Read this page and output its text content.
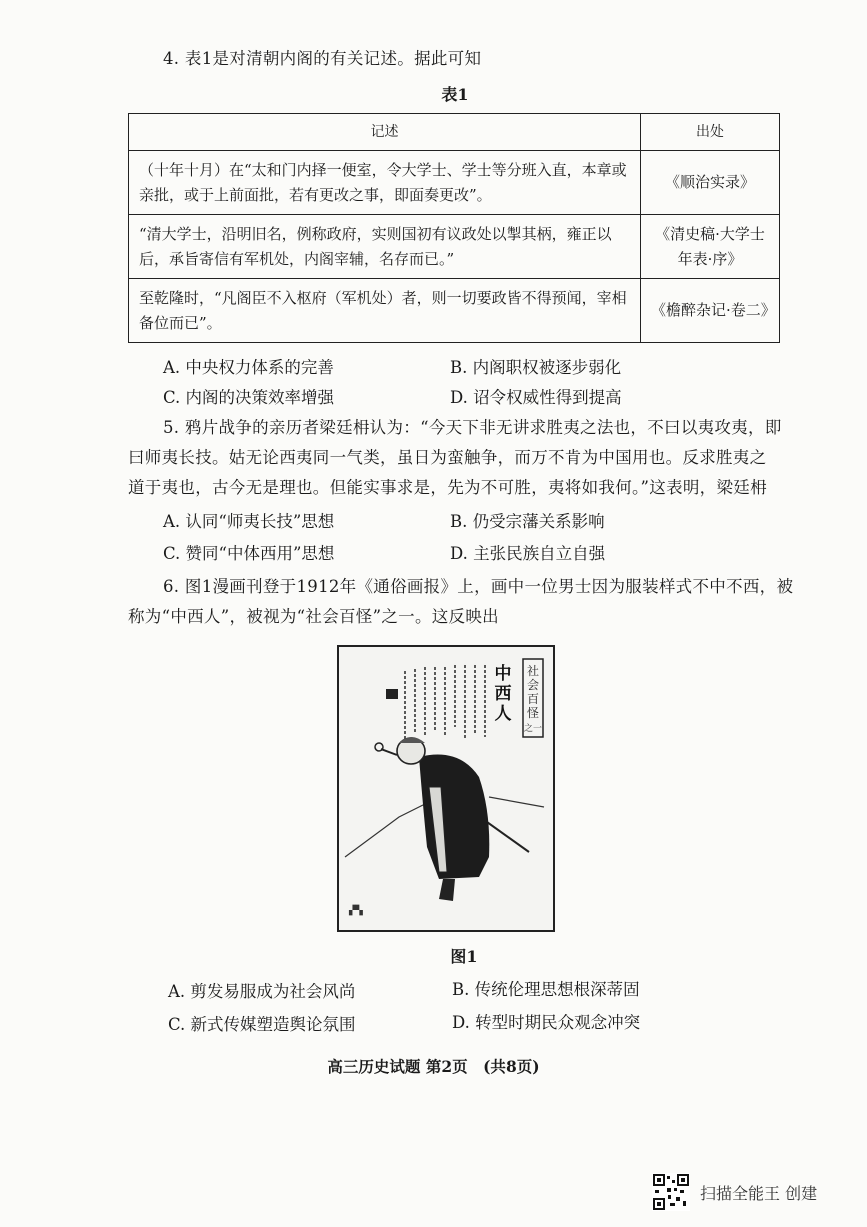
4. 表1是对清朝内阁的有关记述。据此可知
表1
记述	出处
（十年十月）在“太和门内择一便室，令大学士、学士等分班入直，本章或亲批，或于上前面批，若有更改之事，即面奏更改”。	《顺治实录》
“清大学士，沿明旧名，例称政府，实则国初有议政处以掣其柄，雍正以后，承旨寄信有军机处，内阁宰辅，名存而已。”	《清史稿·大学士年表·序》
至乾隆时，“凡阁臣不入枢府（军机处）者，则一切要政皆不得预闻，宰相备位而已”。	《檐醉杂记·卷二》
A. 中央权力体系的完善	B. 内阁职权被逐步弱化
C. 内阁的决策效率增强	D. 诏令权威性得到提高
5. 鸦片战争的亲历者梁廷枏认为：“今天下非无讲求胜夷之法也，不曰以夷攻夷，即
曰师夷长技。姑无论西夷同一气类，虽日为蛮触争，而万不肯为中国用也。反求胜夷之
道于夷也，古今无是理也。但能实事求是，先为不可胜，夷将如我何。”这表明，梁廷枏
A. 认同“师夷长技”思想	B. 仍受宗藩关系影响
C. 赞同“中体西用”思想	D. 主张民族自立自强
6. 图1漫画刊登于1912年《通俗画报》上，画中一位男士因为服装样式不中不西，被
称为“中西人”，被视为“社会百怪”之一。这反映出
社
会
百
怪
之一
中
西
人
▞▚
图1
A. 剪发易服成为社会风尚	B. 传统伦理思想根深蒂固
C. 新式传媒塑造舆论氛围	D. 转型时期民众观念冲突
高三历史试题 第2页　(共8页)
扫描全能王 创建
